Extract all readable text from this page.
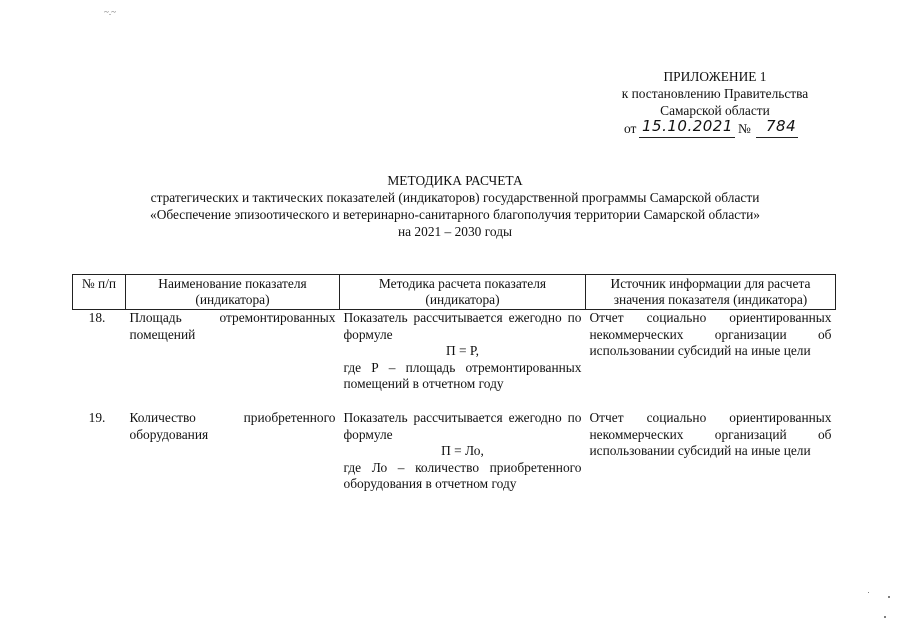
~.~
ПРИЛОЖЕНИЕ 1
к постановлению Правительства
Самарской области
от 15.10.2021 № 784
МЕТОДИКА РАСЧЕТА
стратегических и тактических показателей (индикаторов) государственной программы Самарской области
«Обеспечение эпизоотического и ветеринарно-санитарного благополучия территории Самарской области»
на 2021 – 2030 годы
№ п/п	Наименование показателя (индикатора)	Методика расчета показателя (индикатора)	Источник информации для расчета значения показателя (индикатора)
18.	Площадь отремонтированных помещений	Показатель рассчитывается ежегодно по формуле
П = Р,
где Р – площадь отремонтированных помещений в отчетном году	Отчет социально ориентированных некоммерческих организации об использовании субсидий на иные цели
19.	Количество приобретенного оборудования	Показатель рассчитывается ежегодно по формуле
П = Ло,
где Ло – количество приобретенного оборудования в отчетном году	Отчет социально ориентированных некоммерческих организаций об использовании субсидий на иные цели
